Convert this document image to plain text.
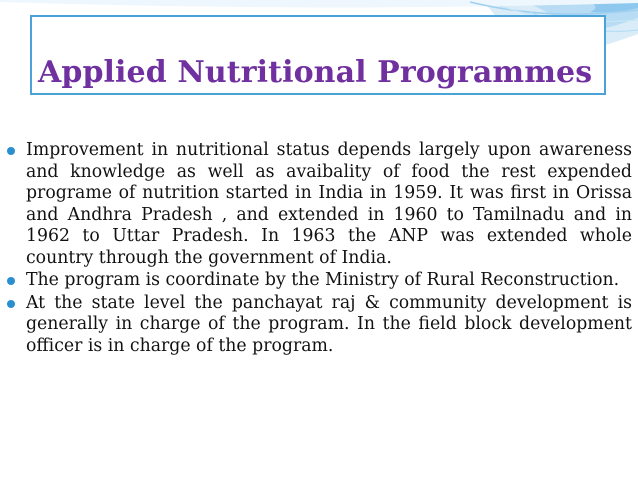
Applied Nutritional Programmes
Improvement in nutritional status depends largely upon awareness and knowledge as well as avaibality of food the rest expended programe of nutrition started in India in 1959. It was first in Orissa and Andhra Pradesh , and extended in 1960 to Tamilnadu and in 1962 to Uttar Pradesh. In 1963 the ANP was extended whole country through the government of India.
The program is coordinate by the Ministry of Rural Reconstruction.
At the state level the panchayat raj & community development is generally in charge of the program. In the field block development officer is in charge of the program.
